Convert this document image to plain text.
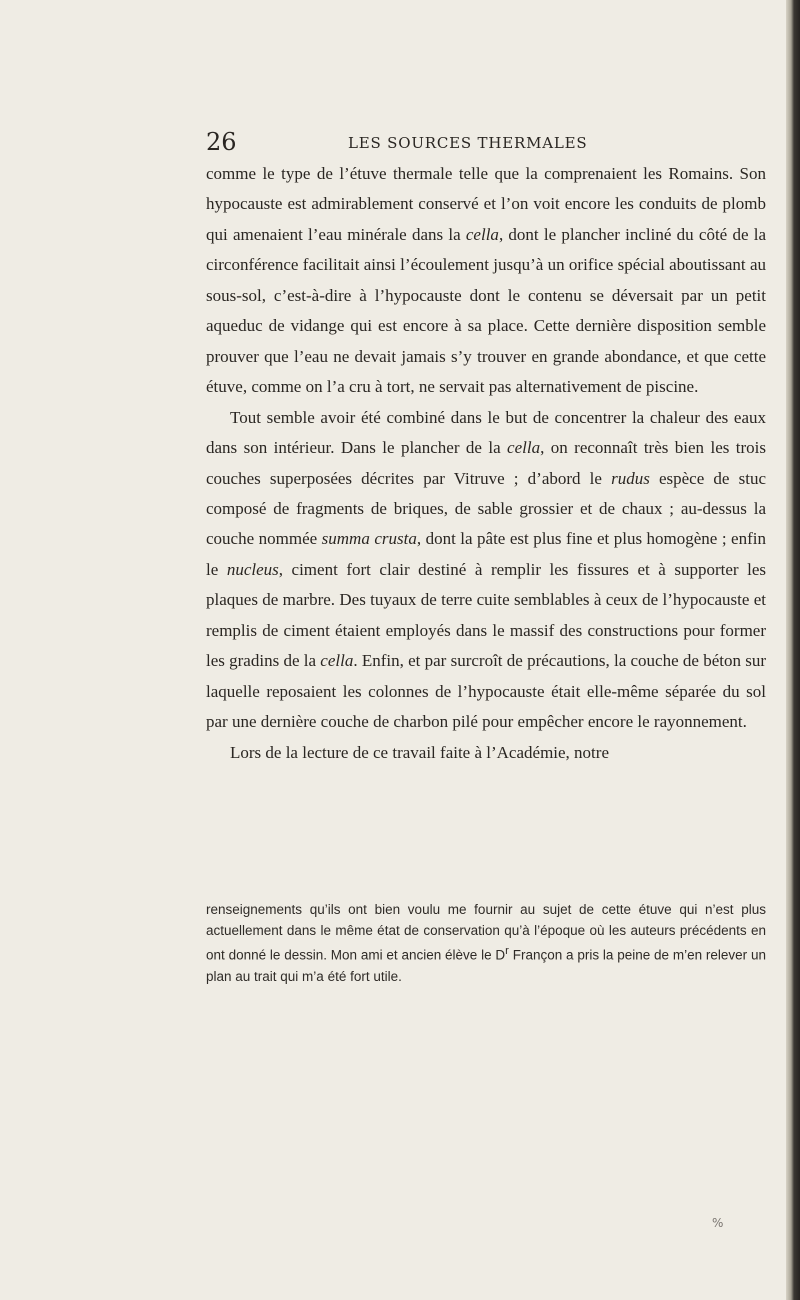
26	LES SOURCES THERMALES

comme le type de l’étuve thermale telle que la comprenaient les Romains. Son hypocauste est admirablement conservé et l’on voit encore les conduits de plomb qui amenaient l’eau minérale dans la cella, dont le plancher incliné du côté de la circonférence facilitait ainsi l’écoulement jusqu’à un orifice spécial aboutissant au sous-sol, c’est-à-dire à l’hypocauste dont le contenu se déversait par un petit aqueduc de vidange qui est encore à sa place. Cette dernière disposition semble prouver que l’eau ne devait jamais s’y trouver en grande abondance, et que cette étuve, comme on l’a cru à tort, ne servait pas alternativement de piscine.

Tout semble avoir été combiné dans le but de concentrer la chaleur des eaux dans son intérieur. Dans le plancher de la cella, on reconnaît très bien les trois couches superposées décrites par Vitruve ; d’abord le rudus espèce de stuc composé de fragments de briques, de sable grossier et de chaux ; au-dessus la couche nommée summa crusta, dont la pâte est plus fine et plus homogène ; enfin le nucleus, ciment fort clair destiné à remplir les fissures et à supporter les plaques de marbre. Des tuyaux de terre cuite semblables à ceux de l’hypocauste et remplis de ciment étaient employés dans le massif des constructions pour former les gradins de la cella. Enfin, et par surcroît de précautions, la couche de béton sur laquelle reposaient les colonnes de l’hypocauste était elle-même séparée du sol par une dernière couche de charbon pilé pour empêcher encore le rayonnement.

Lors de la lecture de ce travail faite à l’Académie, notre

renseignements qu’ils ont bien voulu me fournir au sujet de cette étuve qui n’est plus actuellement dans le même état de conservation qu’à l’époque où les auteurs précédents en ont donné le dessin. Mon ami et ancien élève le $D^r$ Françon a pris la peine de m’en relever un plan au trait qui m’a été fort utile.

%
